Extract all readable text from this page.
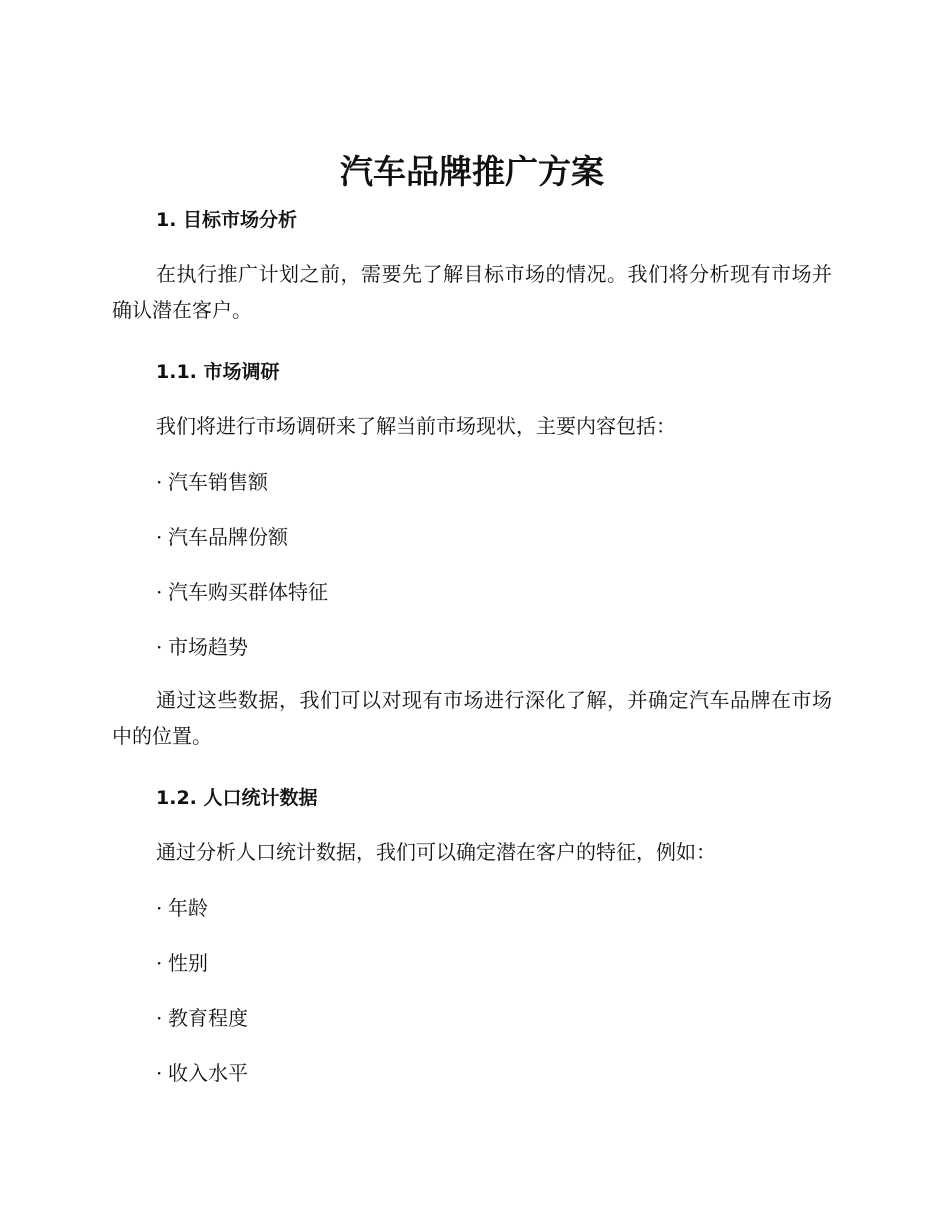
汽车品牌推广方案
1. 目标市场分析

在执行推广计划之前，需要先了解目标市场的情况。我们将分析现有市场并确认潜在客户。

1.1. 市场调研

我们将进行市场调研来了解当前市场现状，主要内容包括：

· 汽车销售额
· 汽车品牌份额
· 汽车购买群体特征
· 市场趋势

通过这些数据，我们可以对现有市场进行深化了解，并确定汽车品牌在市场中的位置。

1.2. 人口统计数据

通过分析人口统计数据，我们可以确定潜在客户的特征，例如：

· 年龄
· 性别
· 教育程度
· 收入水平
